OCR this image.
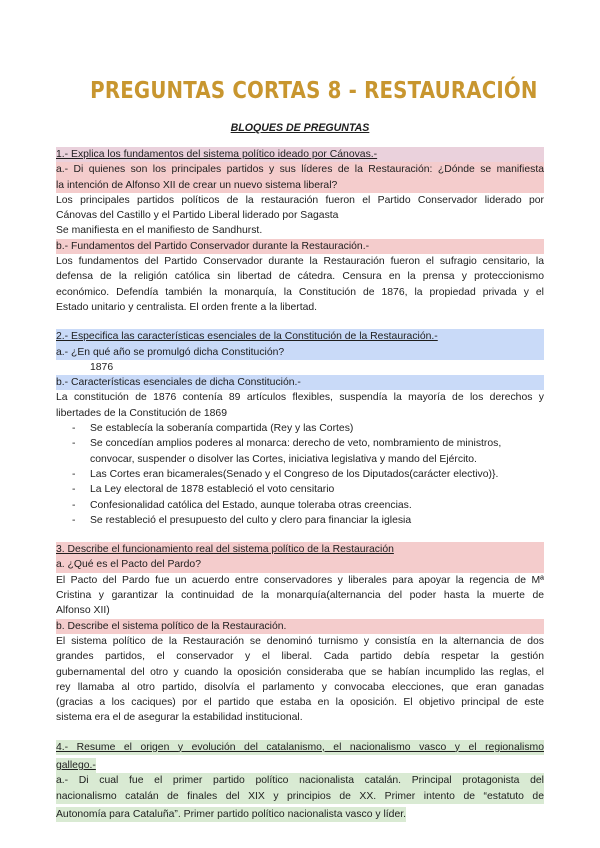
PREGUNTAS CORTAS 8 - RESTAURACIÓN
BLOQUES DE PREGUNTAS
1.- Explica los fundamentos del sistema político ideado por Cánovas.-
a.- Di quienes son los principales partidos y sus líderes de la Restauración: ¿Dónde se manifiesta
la intención de Alfonso XII de crear un nuevo sistema liberal?
Los principales partidos políticos de la restauración fueron el Partido Conservador liderado por
Cánovas del Castillo y el Partido Liberal liderado por Sagasta
Se manifiesta en el manifiesto de Sandhurst.
b.- Fundamentos del Partido Conservador durante la Restauración.-
Los fundamentos del Partido Conservador durante la Restauración fueron el sufragio censitario, la
defensa de la religión católica sin libertad de cátedra. Censura en la prensa y proteccionismo
económico. Defendía también la monarquía, la Constitución de 1876, la propiedad privada y el
Estado unitario y centralista. El orden frente a la libertad.
2.- Especifica las características esenciales de la Constitución de la Restauración.-
a.- ¿En qué año se promulgó dicha Constitución?
1876
b.- Características esenciales de dicha Constitución.-
La constitución de 1876 contenía 89 artículos flexibles, suspendía la mayoría de los derechos y
libertades de la Constitución de 1869
- Se establecía la soberanía compartida (Rey y las Cortes)
- Se concedían amplios poderes al monarca: derecho de veto, nombramiento de ministros,
convocar, suspender o disolver las Cortes, iniciativa legislativa y mando del Ejército.
- Las Cortes eran bicamerales(Senado y el Congreso de los Diputados(carácter electivo)}.
- La Ley electoral de 1878 estableció el voto censitario
- Confesionalidad católica del Estado, aunque toleraba otras creencias.
- Se restableció el presupuesto del culto y clero para financiar la iglesia
3. Describe el funcionamiento real del sistema político de la Restauración
a. ¿Qué es el Pacto del Pardo?
El Pacto del Pardo fue un acuerdo entre conservadores y liberales para apoyar la regencia de Mª
Cristina y garantizar la continuidad de la monarquía(alternancia del poder hasta la muerte de
Alfonso XII)
b. Describe el sistema político de la Restauración.
El sistema político de la Restauración se denominó turnismo y consistía en la alternancia de dos
grandes partidos, el conservador y el liberal. Cada partido debía respetar la gestión
gubernamental del otro y cuando la oposición consideraba que se habían incumplido las reglas, el
rey llamaba al otro partido, disolvía el parlamento y convocaba elecciones, que eran ganadas
(gracias a los caciques) por el partido que estaba en la oposición. El objetivo principal de este
sistema era el de asegurar la estabilidad institucional.
4.- Resume el origen y evolución del catalanismo, el nacionalismo vasco y el regionalismo
gallego.-
a.- Di cual fue el primer partido político nacionalista catalán. Principal protagonista del
nacionalismo catalán de finales del XIX y principios de XX. Primer intento de “estatuto de
Autonomía para Cataluña”. Primer partido político nacionalista vasco y líder.
